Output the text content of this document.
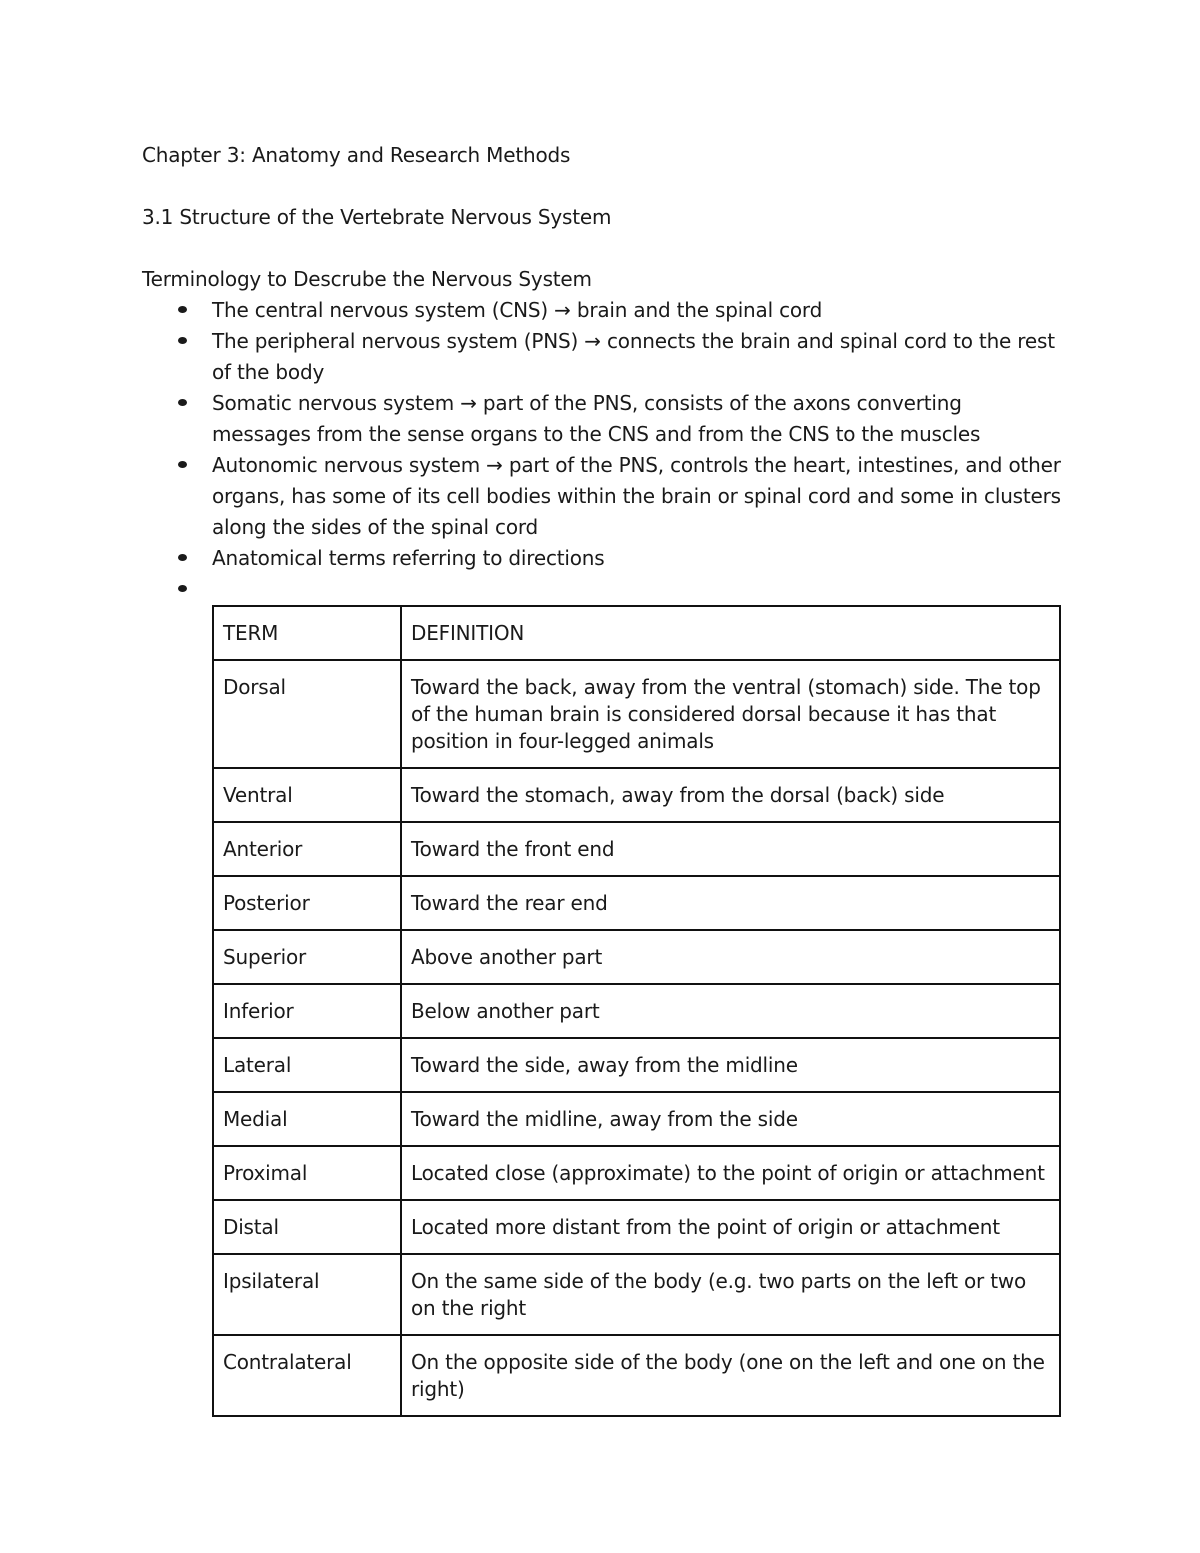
Chapter 3: Anatomy and Research Methods

3.1 Structure of the Vertebrate Nervous System

Terminology to Descrube the Nervous System

The central nervous system (CNS) → brain and the spinal cord
The peripheral nervous system (PNS) → connects the brain and spinal cord to the rest of the body
Somatic nervous system → part of the PNS, consists of the axons converting messages from the sense organs to the CNS and from the CNS to the muscles
Autonomic nervous system → part of the PNS, controls the heart, intestines, and other organs, has some of its cell bodies within the brain or spinal cord and some in clusters along the sides of the spinal cord
Anatomical terms referring to directions
TERM	DEFINITION
Dorsal	Toward the back, away from the ventral (stomach) side. The top of the human brain is considered dorsal because it has that position in four-legged animals
Ventral	Toward the stomach, away from the dorsal (back) side
Anterior	Toward the front end
Posterior	Toward the rear end
Superior	Above another part
Inferior	Below another part
Lateral	Toward the side, away from the midline
Medial	Toward the midline, away from the side
Proximal	Located close (approximate) to the point of origin or attachment
Distal	Located more distant from the point of origin or attachment
Ipsilateral	On the same side of the body (e.g. two parts on the left or two on the right
Contralateral	On the opposite side of the body (one on the left and one on the right)
